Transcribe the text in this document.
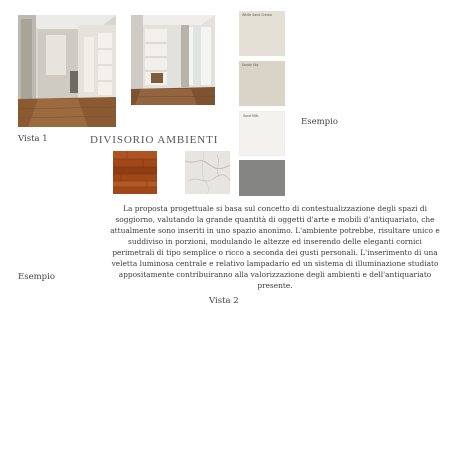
White Sand Crema
Sandy Sky
Sand Milk
Vista 1
Esempio
DIVISORIO AMBIENTI
La proposta progettuale si basa sul concetto di contestualizzazione degli spazi di soggiorno, valutando la grande quantità di oggetti d'arte e mobili d'antiquariato, che attualmente sono inseriti in uno spazio anonimo. L'ambiente potrebbe, risultare unico e suddiviso in porzioni, modulando le altezze ed inserendo delle eleganti cornici perimetrali di tipo semplice o ricco a seconda dei gusti personali. L'inserimento di una veletta luminosa centrale e relativo lampadario ed un sistema di illuminazione studiato appositamente contribuiranno alla valorizzazione degli ambienti e dell'antiquariato presente.
Esempio
Vista 2
